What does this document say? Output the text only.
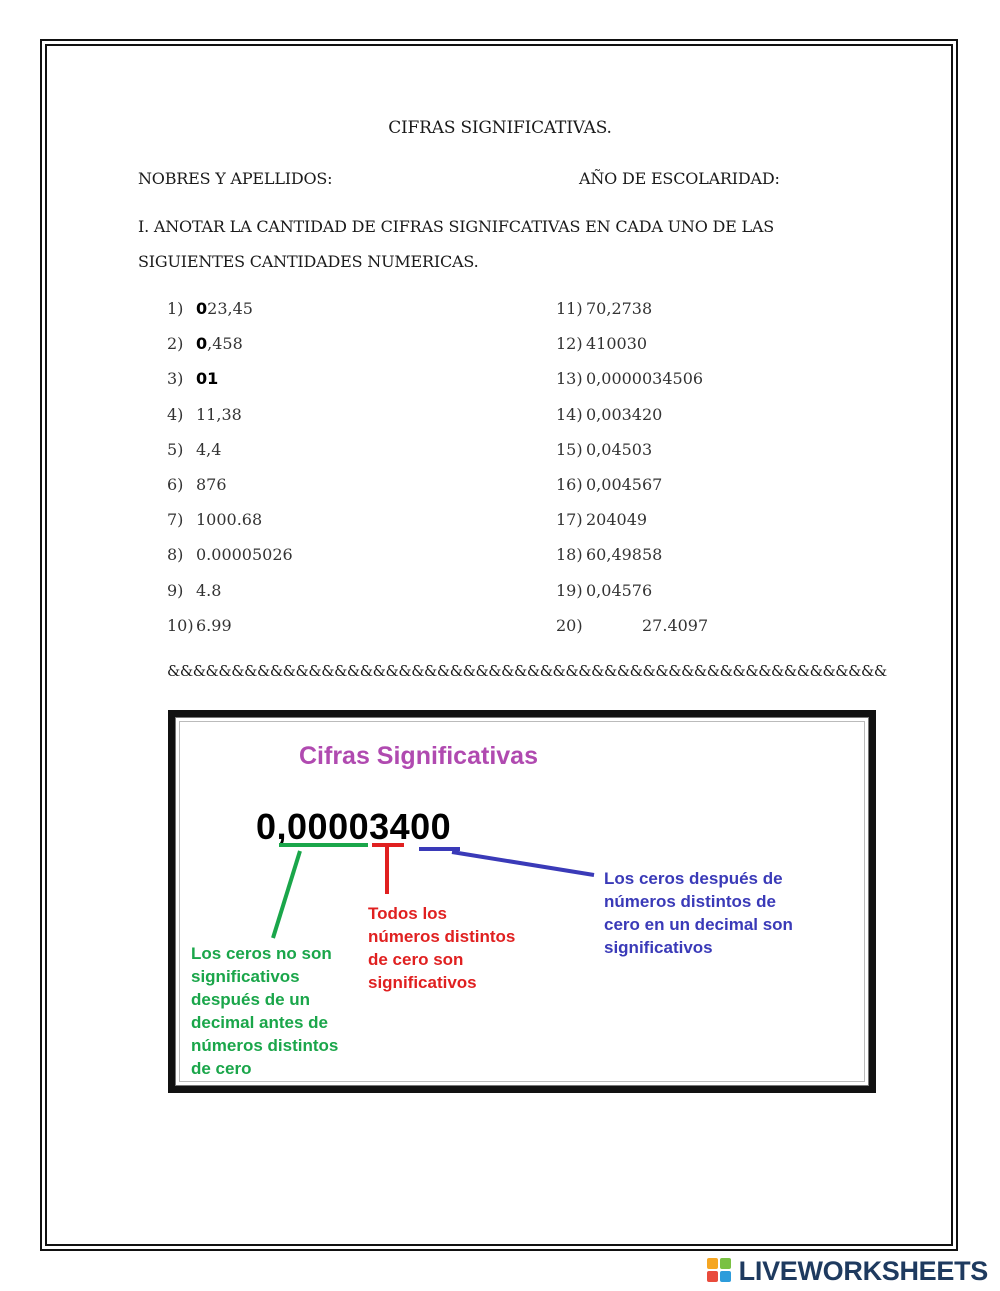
CIFRAS SIGNIFICATIVAS.
NOBRES Y APELLIDOS:	AÑO DE ESCOLARIDAD:
I. ANOTAR LA CANTIDAD DE CIFRAS SIGNIFCATIVAS EN CADA UNO DE LAS
SIGUIENTES CANTIDADES NUMERICAS.
1) 023,45
2) 0,458
3) 01
4) 11,38
5) 4,4
6) 876
7) 1000.68
8) 0.00005026
9) 4.8
10) 6.99
11) 70,2738
12) 410030
13) 0,0000034506
14) 0,003420
15) 0,04503
16) 0,004567
17) 204049
18) 60,49858
19) 0,04576
20)	27.4097
&&&&&&&&&&&&&&&&&&&&&&&&&&&&&&&&&&&&&&&&&&&&&&&&&&&&&&&&
Cifras Significativas
0,00003400
Los ceros no son
significativos
después de un
decimal antes de
números distintos
de cero
Todos los
números distintos
de cero son
significativos
Los ceros después de
números distintos de
cero en un decimal son
significativos
LIVEWORKSHEETS
